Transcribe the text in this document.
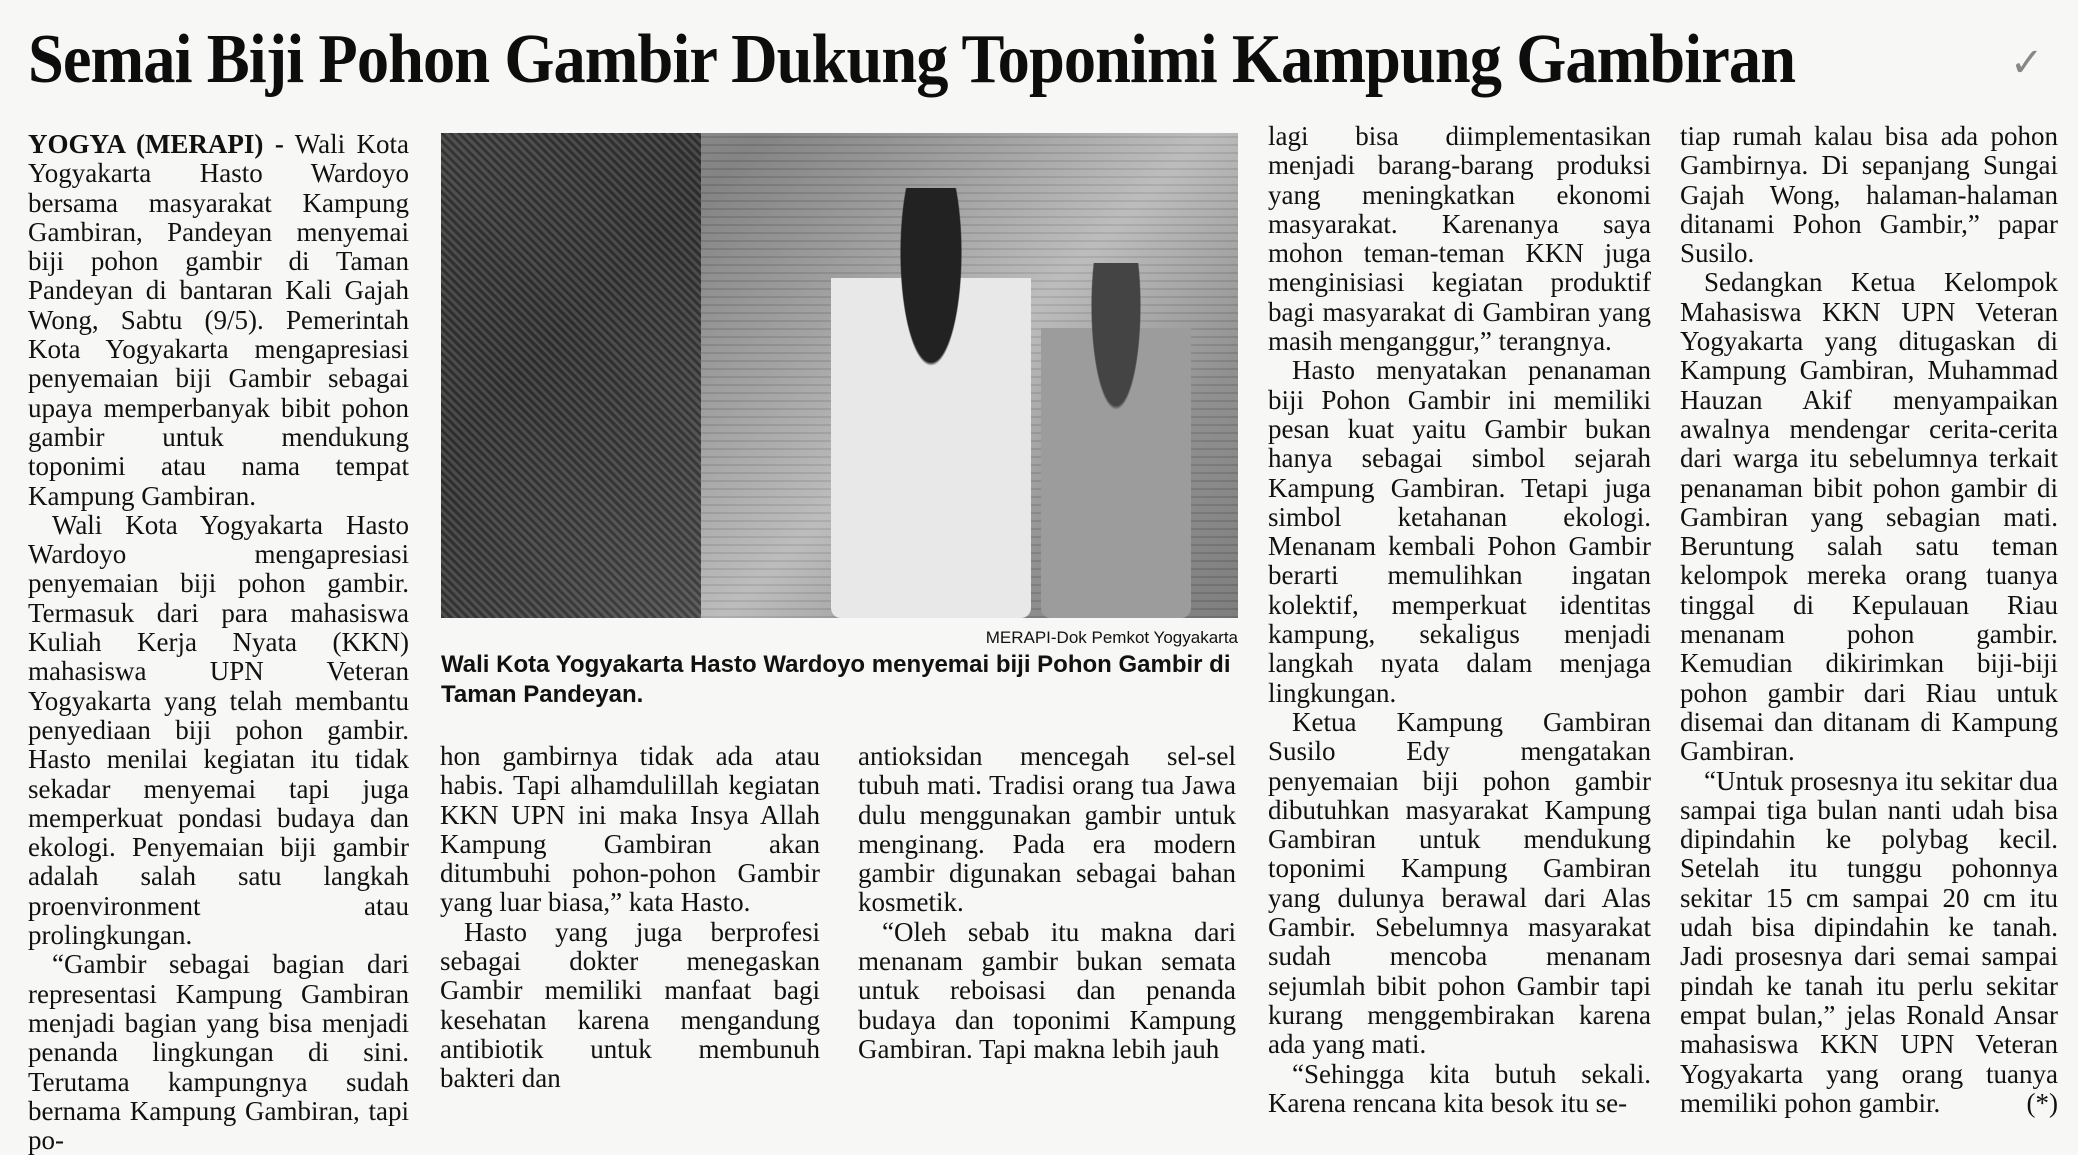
Semai Biji Pohon Gambir Dukung Toponimi Kampung Gambiran	✓

YOGYA (MERAPI) - Wali Kota Yogyakarta Hasto Wardoyo bersama masyarakat Kampung Gambiran, Pandeyan menyemai biji pohon gambir di Taman Pandeyan di bantaran Kali Gajah Wong, Sabtu (9/5). Pemerintah Kota Yogyakarta mengapresiasi penyemaian biji Gambir sebagai upaya memperbanyak bibit pohon gambir untuk mendukung toponimi atau nama tempat Kampung Gambiran.

Wali Kota Yogyakarta Hasto Wardoyo mengapresiasi penyemaian biji pohon gambir. Termasuk dari para mahasiswa Kuliah Kerja Nyata (KKN) mahasiswa UPN Veteran Yogyakarta yang telah membantu penyediaan biji pohon gambir. Hasto menilai kegiatan itu tidak sekadar menyemai tapi juga memperkuat pondasi budaya dan ekologi. Penyemaian biji gambir adalah salah satu langkah proenvironment atau prolingkungan.

“Gambir sebagai bagian dari representasi Kampung Gambiran menjadi bagian yang bisa menjadi penanda lingkungan di sini. Terutama kampungnya sudah bernama Kampung Gambiran, tapi po-

MERAPI-Dok Pemkot Yogyakarta
Wali Kota Yogyakarta Hasto Wardoyo menyemai biji Pohon Gambir di Taman Pandeyan.

hon gambirnya tidak ada atau habis. Tapi alhamdulillah kegiatan KKN UPN ini maka Insya Allah Kampung Gambiran akan ditumbuhi pohon-pohon Gambir yang luar biasa,” kata Hasto.

Hasto yang juga berprofesi sebagai dokter menegaskan Gambir memiliki manfaat bagi kesehatan karena mengandung antibiotik untuk membunuh bakteri dan

antioksidan mencegah sel-sel tubuh mati. Tradisi orang tua Jawa dulu menggunakan gambir untuk menginang. Pada era modern gambir digunakan sebagai bahan kosmetik.

“Oleh sebab itu makna dari menanam gambir bukan semata untuk reboisasi dan penanda budaya dan toponimi Kampung Gambiran. Tapi makna lebih jauh

lagi bisa diimplementasikan menjadi barang-barang produksi yang meningkatkan ekonomi masyarakat. Karenanya saya mohon teman-teman KKN juga menginisiasi kegiatan produktif bagi masyarakat di Gambiran yang masih menganggur,” terangnya.

Hasto menyatakan penanaman biji Pohon Gambir ini memiliki pesan kuat yaitu Gambir bukan hanya sebagai simbol sejarah Kampung Gambiran. Tetapi juga simbol ketahanan ekologi. Menanam kembali Pohon Gambir berarti memulihkan ingatan kolektif, memperkuat identitas kampung, sekaligus menjadi langkah nyata dalam menjaga lingkungan.

Ketua Kampung Gambiran Susilo Edy mengatakan penyemaian biji pohon gambir dibutuhkan masyarakat Kampung Gambiran untuk mendukung toponimi Kampung Gambiran yang dulunya berawal dari Alas Gambir. Sebelumnya masyarakat sudah mencoba menanam sejumlah bibit pohon Gambir tapi kurang menggembirakan karena ada yang mati.

“Sehingga kita butuh sekali. Karena rencana kita besok itu se-

tiap rumah kalau bisa ada pohon Gambirnya. Di sepanjang Sungai Gajah Wong, halaman-halaman ditanami Pohon Gambir,” papar Susilo.

Sedangkan Ketua Kelompok Mahasiswa KKN UPN Veteran Yogyakarta yang ditugaskan di Kampung Gambiran, Muhammad Hauzan Akif menyampaikan awalnya mendengar cerita-cerita dari warga itu sebelumnya terkait penanaman bibit pohon gambir di Gambiran yang sebagian mati. Beruntung salah satu teman kelompok mereka orang tuanya tinggal di Kepulauan Riau menanam pohon gambir. Kemudian dikirimkan biji-biji pohon gambir dari Riau untuk disemai dan ditanam di Kampung Gambiran.

“Untuk prosesnya itu sekitar dua sampai tiga bulan nanti udah bisa dipindahin ke polybag kecil. Setelah itu tunggu pohonnya sekitar 15 cm sampai 20 cm itu udah bisa dipindahin ke tanah. Jadi prosesnya dari semai sampai pindah ke tanah itu perlu sekitar empat bulan,” jelas Ronald Ansar mahasiswa KKN UPN Veteran Yogyakarta yang orang tuanya memiliki pohon gambir.	(*)
